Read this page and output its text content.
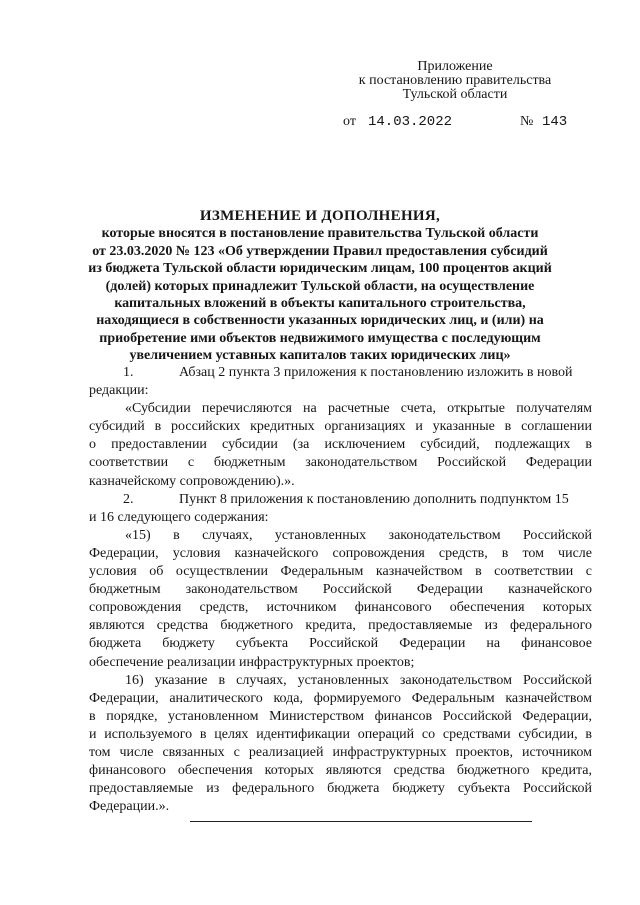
Приложение
к постановлению правительства
Тульской области
от 14.03.2022	№ 143
ИЗМЕНЕНИЕ И ДОПОЛНЕНИЯ,
которые вносятся в постановление правительства Тульской области
от 23.03.2020 № 123 «Об утверждении Правил предоставления субсидий
из бюджета Тульской области юридическим лицам, 100 процентов акций
(долей) которых принадлежит Тульской области, на осуществление
капитальных вложений в объекты капитального строительства,
находящиеся в собственности указанных юридических лиц, и (или) на
приобретение ими объектов недвижимого имущества с последующим
увеличением уставных капиталов таких юридических лиц»
1.	Абзац 2 пункта 3 приложения к постановлению изложить в новой
редакции:
«Субсидии перечисляются на расчетные счета, открытые получателям
субсидий в российских кредитных организациях и указанные в соглашении
о предоставлении субсидии (за исключением субсидий, подлежащих в
соответствии с бюджетным законодательством Российской Федерации
казначейскому сопровождению).».
2.	Пункт 8 приложения к постановлению дополнить подпунктом 15
и 16 следующего содержания:
«15) в случаях, установленных законодательством Российской
Федерации, условия казначейского сопровождения средств, в том числе
условия об осуществлении Федеральным казначейством в соответствии с
бюджетным законодательством Российской Федерации казначейского
сопровождения средств, источником финансового обеспечения которых
являются средства бюджетного кредита, предоставляемые из федерального
бюджета бюджету субъекта Российской Федерации на финансовое
обеспечение реализации инфраструктурных проектов;
16) указание в случаях, установленных законодательством Российской
Федерации, аналитического кода, формируемого Федеральным казначейством
в порядке, установленном Министерством финансов Российской Федерации,
и используемого в целях идентификации операций со средствами субсидии, в
том числе связанных с реализацией инфраструктурных проектов, источником
финансового обеспечения которых являются средства бюджетного кредита,
предоставляемые из федерального бюджета бюджету субъекта Российской
Федерации.».
